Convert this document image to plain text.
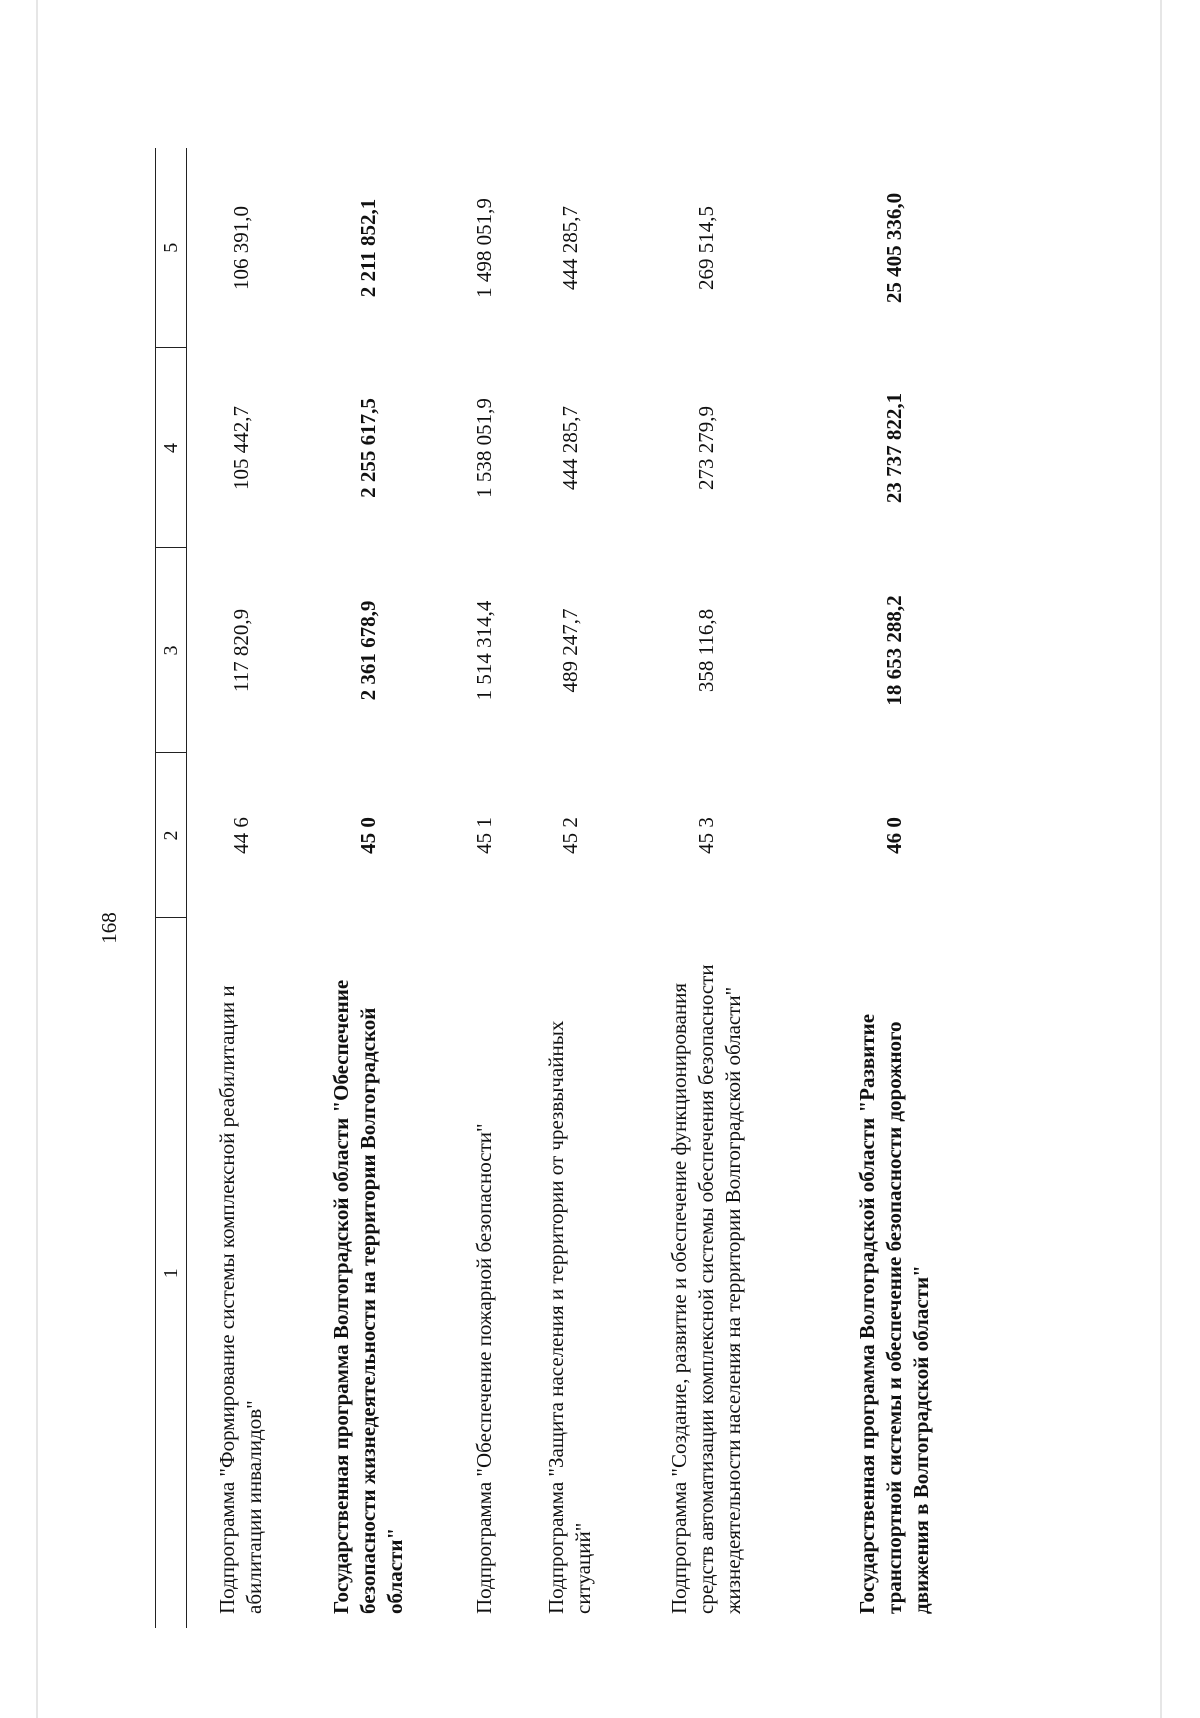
168
1	2	3	4	5
Подпрограмма "Формирование системы комплексной реабилитации и абилитации инвалидов"	44 6	117 820,9	105 442,7	106 391,0
Государственная программа Волгоградской области "Обеспечение безопасности жизнедеятельности на территории Волгоградской области"	45 0	2 361 678,9	2 255 617,5	2 211 852,1
Подпрограмма "Обеспечение пожарной безопасности"	45 1	1 514 314,4	1 538 051,9	1 498 051,9
Подпрограмма "Защита населения и территории от чрезвычайных ситуаций"	45 2	489 247,7	444 285,7	444 285,7
Подпрограмма "Создание, развитие и обеспечение функционирования средств автоматизации комплексной системы обеспечения безопасности жизнедеятельности населения на территории Волгоградской области"	45 3	358 116,8	273 279,9	269 514,5
Государственная программа Волгоградской области "Развитие транспортной системы и обеспечение безопасности дорожного движения в Волгоградской области"	46 0	18 653 288,2	23 737 822,1	25 405 336,0
